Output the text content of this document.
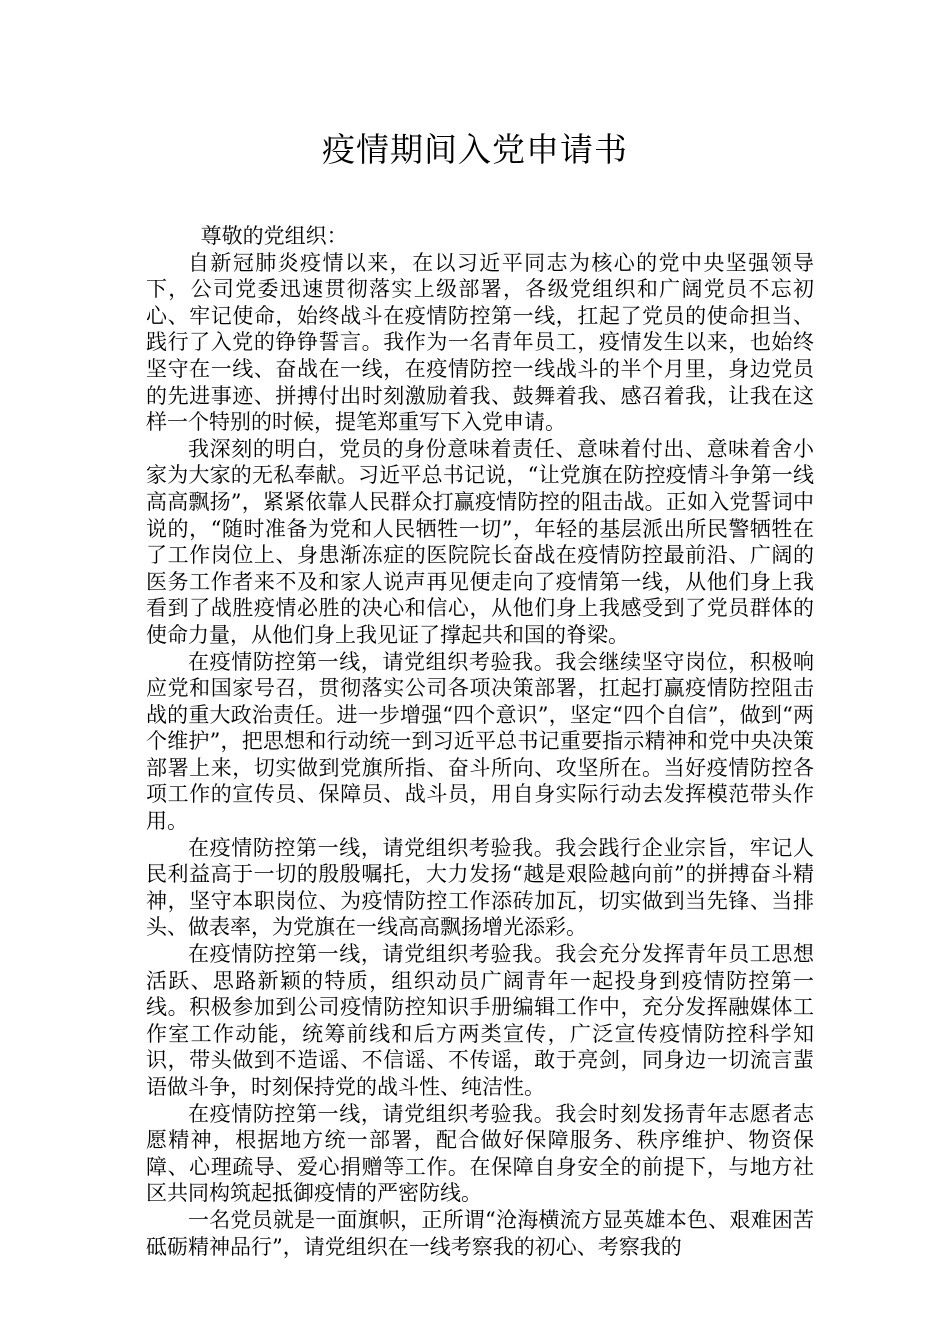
疫情期间入党申请书

尊敬的党组织：

自新冠肺炎疫情以来，在以习近平同志为核心的党中央坚强领导下，公司党委迅速贯彻落实上级部署，各级党组织和广阔党员不忘初心、牢记使命，始终战斗在疫情防控第一线，扛起了党员的使命担当、践行了入党的铮铮誓言。我作为一名青年员工，疫情发生以来，也始终坚守在一线、奋战在一线，在疫情防控一线战斗的半个月里，身边党员的先进事迹、拼搏付出时刻激励着我、鼓舞着我、感召着我，让我在这样一个特别的时候，提笔郑重写下入党申请。

我深刻的明白，党员的身份意味着责任、意味着付出、意味着舍小家为大家的无私奉献。习近平总书记说，“让党旗在防控疫情斗争第一线高高飘扬”，紧紧依靠人民群众打赢疫情防控的阻击战。正如入党誓词中说的，“随时准备为党和人民牺牲一切”，年轻的基层派出所民警牺牲在了工作岗位上、身患渐冻症的医院院长奋战在疫情防控最前沿、广阔的医务工作者来不及和家人说声再见便走向了疫情第一线，从他们身上我看到了战胜疫情必胜的决心和信心，从他们身上我感受到了党员群体的使命力量，从他们身上我见证了撑起共和国的脊梁。

在疫情防控第一线，请党组织考验我。我会继续坚守岗位，积极响应党和国家号召，贯彻落实公司各项决策部署，扛起打赢疫情防控阻击战的重大政治责任。进一步增强“四个意识”，坚定“四个自信”，做到“两个维护”，把思想和行动统一到习近平总书记重要指示精神和党中央决策部署上来，切实做到党旗所指、奋斗所向、攻坚所在。当好疫情防控各项工作的宣传员、保障员、战斗员，用自身实际行动去发挥模范带头作用。

在疫情防控第一线，请党组织考验我。我会践行企业宗旨，牢记人民利益高于一切的殷殷嘱托，大力发扬“越是艰险越向前”的拼搏奋斗精神，坚守本职岗位、为疫情防控工作添砖加瓦，切实做到当先锋、当排头、做表率，为党旗在一线高高飘扬增光添彩。

在疫情防控第一线，请党组织考验我。我会充分发挥青年员工思想活跃、思路新颖的特质，组织动员广阔青年一起投身到疫情防控第一线。积极参加到公司疫情防控知识手册编辑工作中，充分发挥融媒体工作室工作动能，统筹前线和后方两类宣传，广泛宣传疫情防控科学知识，带头做到不造谣、不信谣、不传谣，敢于亮剑，同身边一切流言蜚语做斗争，时刻保持党的战斗性、纯洁性。

在疫情防控第一线，请党组织考验我。我会时刻发扬青年志愿者志愿精神，根据地方统一部署，配合做好保障服务、秩序维护、物资保障、心理疏导、爱心捐赠等工作。在保障自身安全的前提下，与地方社区共同构筑起抵御疫情的严密防线。

一名党员就是一面旗帜，正所谓“沧海横流方显英雄本色、艰难困苦砥砺精神品行”，请党组织在一线考察我的初心、考察我的
